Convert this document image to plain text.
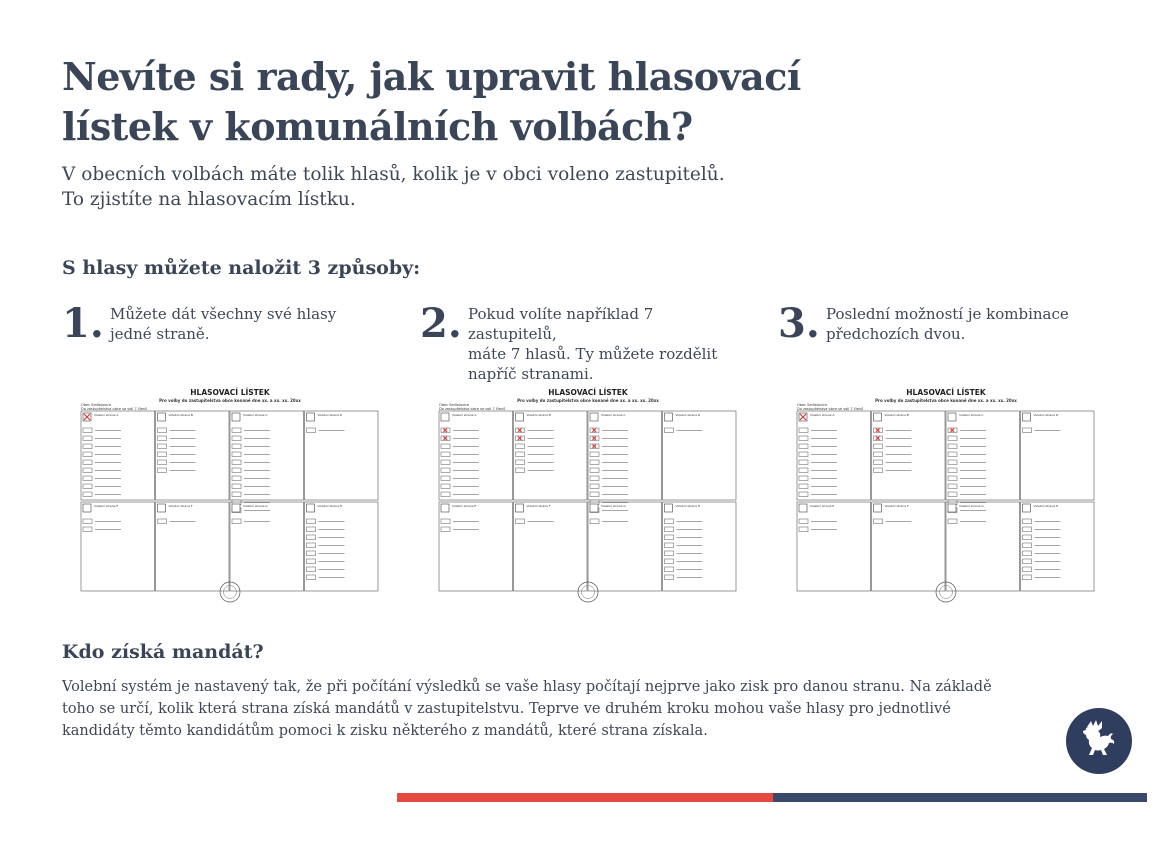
Nevíte si rady, jak upravit hlasovací
lístek v komunálních volbách?
V obecních volbách máte tolik hlasů, kolik je v obci voleno zastupitelů.
To zjistíte na hlasovacím lístku.
S hlasy můžete naložit 3 způsoby:
1. Můžete dát všechny své hlasy
jedné straně.	2. Pokud volíte například 7 zastupitelů,
máte 7 hlasů. Ty můžete rozdělit
napříč stranami.
3. Poslední možností je kombinace
předchozích dvou.
HLASOVACÍ LÍSTEK
Pro volby do zastupitelstva obce konané dne xx. a xx. xx. 20xx
Obec Sedlejovice
Do zastupitelstva obce se volí 7 členů
Volební strana A	Volební strana B	Volební strana C	Volební strana D
Volební strana E	Volební strana F	Volební strana G	Volební strana H
HLASOVACÍ LÍSTEK
Pro volby do zastupitelstva obce konané dne xx. a xx. xx. 20xx
Obec Sedlejovice
Do zastupitelstva obce se volí 7 členů
Volební strana A	Volební strana B	Volební strana C	Volební strana D
Volební strana E	Volební strana F	Volební strana G	Volební strana H
HLASOVACÍ LÍSTEK
Pro volby do zastupitelstva obce konané dne xx. a xx. xx. 20xx
Obec Sedlejovice
Do zastupitelstva obce se volí 7 členů
Volební strana A	Volební strana B	Volební strana C	Volební strana D
Volební strana E	Volební strana F	Volební strana G	Volební strana H
Kdo získá mandát?
Volební systém je nastavený tak, že při počítání výsledků se vaše hlasy počítají nejprve jako zisk pro danou stranu. Na základě
toho se určí, kolik která strana získá mandátů v zastupitelstvu. Teprve ve druhém kroku mohou vaše hlasy pro jednotlivé
kandidáty těmto kandidátům pomoci k zisku některého z mandátů, které strana získala.
